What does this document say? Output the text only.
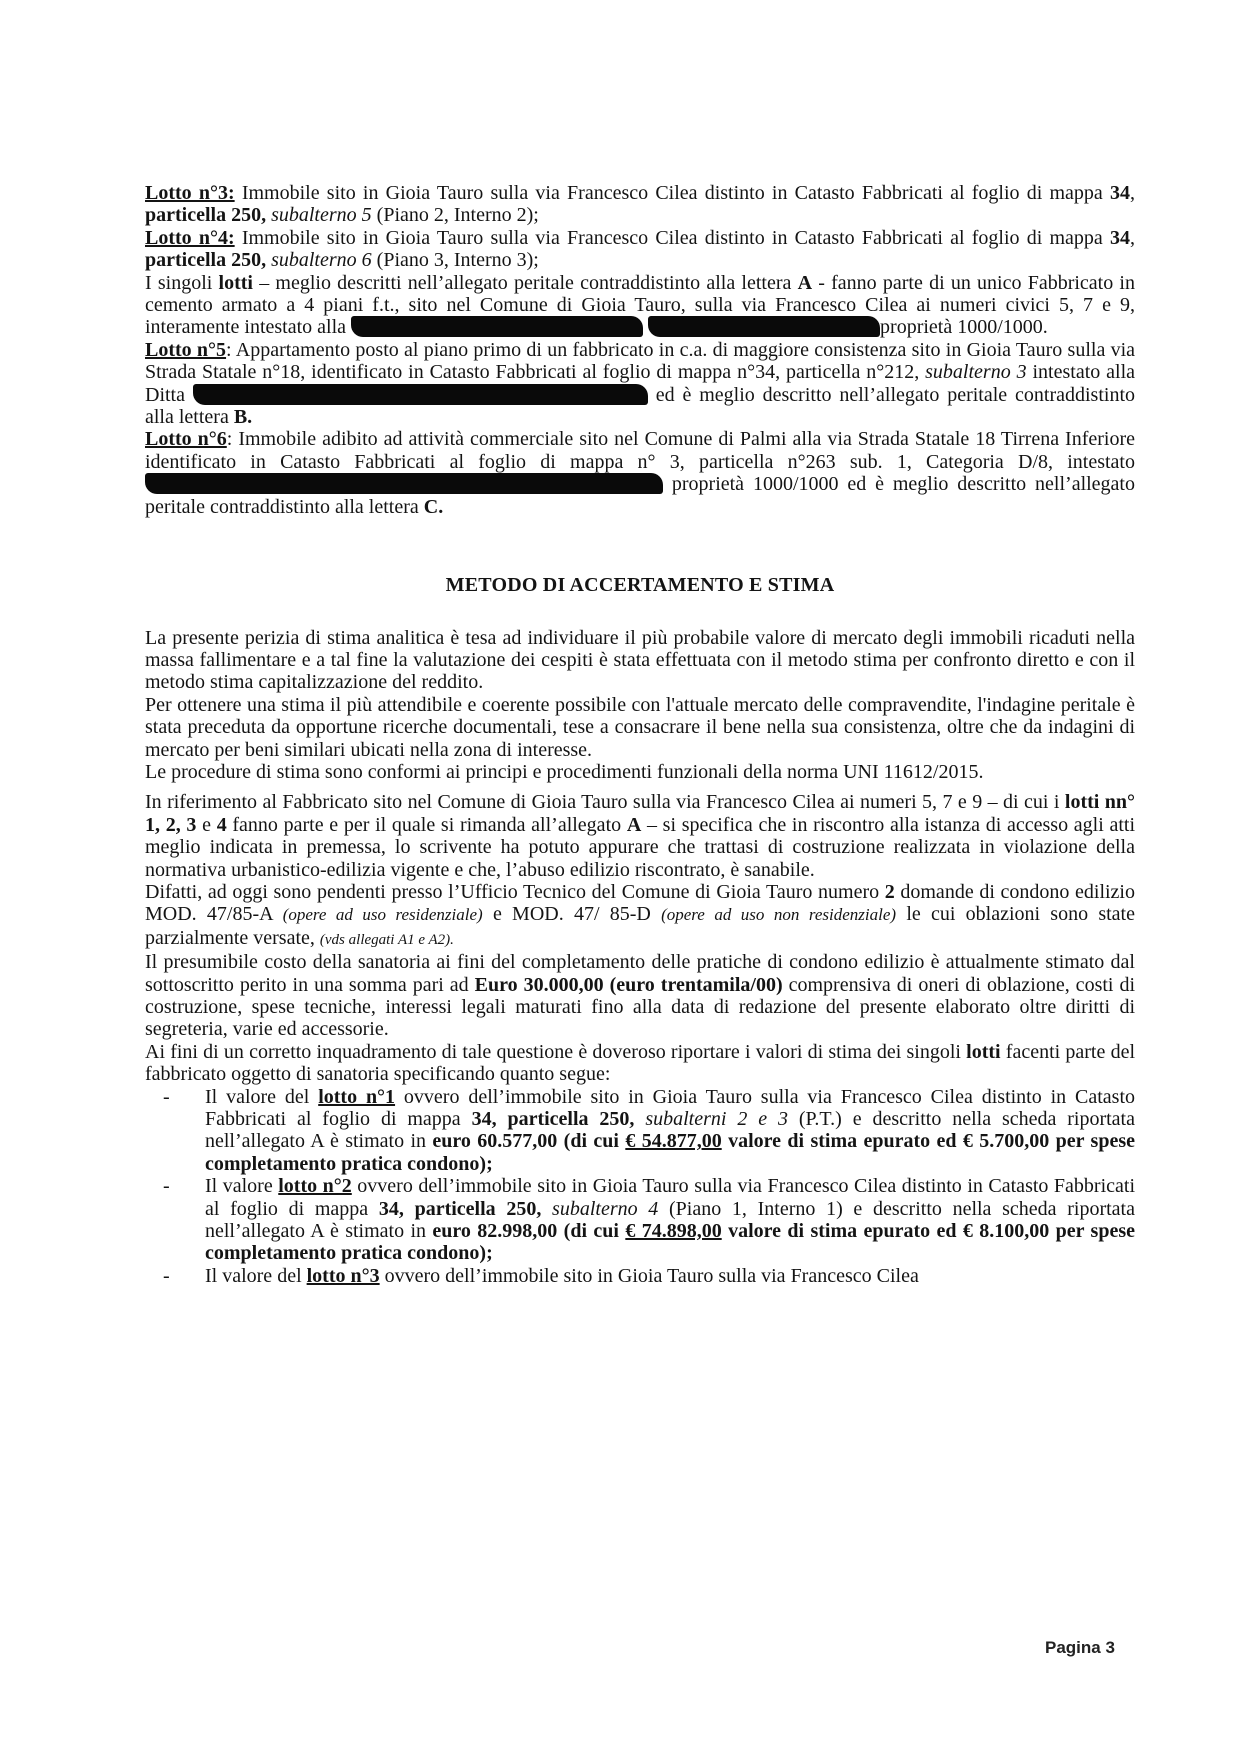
Lotto n°3: Immobile sito in Gioia Tauro sulla via Francesco Cilea distinto in Catasto Fabbricati al foglio di mappa 34, particella 250, subalterno 5 (Piano 2, Interno 2);

Lotto n°4: Immobile sito in Gioia Tauro sulla via Francesco Cilea distinto in Catasto Fabbricati al foglio di mappa 34, particella 250, subalterno 6 (Piano 3, Interno 3);

I singoli lotti – meglio descritti nell’allegato peritale contraddistinto alla lettera A - fanno parte di un unico Fabbricato in cemento armato a 4 piani f.t., sito nel Comune di Gioia Tauro, sulla via Francesco Cilea ai numeri civici 5, 7 e 9, interamente intestato alla	proprietà 1000/1000.

Lotto n°5: Appartamento posto al piano primo di un fabbricato in c.a. di maggiore consistenza sito in Gioia Tauro sulla via Strada Statale n°18, identificato in Catasto Fabbricati al foglio di mappa n°34, particella n°212, subalterno 3 intestato alla Ditta	ed è meglio descritto nell’allegato peritale contraddistinto alla lettera B.

Lotto n°6: Immobile adibito ad attività commerciale sito nel Comune di Palmi alla via Strada Statale 18 Tirrena Inferiore identificato in Catasto Fabbricati al foglio di mappa n° 3, particella n°263 sub. 1, Categoria D/8, intestato  proprietà 1000/1000 ed è meglio descritto nell’allegato peritale contraddistinto alla lettera C.

METODO DI ACCERTAMENTO E STIMA

La presente perizia di stima analitica è tesa ad individuare il più probabile valore di mercato degli immobili ricaduti nella massa fallimentare e a tal fine la valutazione dei cespiti è stata effettuata con il metodo stima per confronto diretto e con il metodo stima capitalizzazione del reddito.

Per ottenere una stima il più attendibile e coerente possibile con l'attuale mercato delle compravendite, l'indagine peritale è stata preceduta da opportune ricerche documentali, tese a consacrare il bene nella sua consistenza, oltre che da indagini di mercato per beni similari ubicati nella zona di interesse.

Le procedure di stima sono conformi ai principi e procedimenti funzionali della norma UNI 11612/2015.

In riferimento al Fabbricato sito nel Comune di Gioia Tauro sulla via Francesco Cilea ai numeri 5, 7 e 9 – di cui i lotti nn° 1, 2, 3 e 4 fanno parte e per il quale si rimanda all’allegato A – si specifica che in riscontro alla istanza di accesso agli atti meglio indicata in premessa, lo scrivente ha potuto appurare che trattasi di costruzione realizzata in violazione della normativa urbanistico-edilizia vigente e che, l’abuso edilizio riscontrato, è sanabile.

Difatti, ad oggi sono pendenti presso l’Ufficio Tecnico del Comune di Gioia Tauro numero 2 domande di condono edilizio MOD. 47/85-A (opere ad uso residenziale) e MOD. 47/ 85-D (opere ad uso non residenziale) le cui oblazioni sono state parzialmente versate, (vds allegati A1 e A2).

Il presumibile costo della sanatoria ai fini del completamento delle pratiche di condono edilizio è attualmente stimato dal sottoscritto perito in una somma pari ad Euro 30.000,00 (euro trentamila/00) comprensiva di oneri di oblazione, costi di costruzione, spese tecniche, interessi legali maturati fino alla data di redazione del presente elaborato oltre diritti di segreteria, varie ed accessorie.

Ai fini di un corretto inquadramento di tale questione è doveroso riportare i valori di stima dei singoli lotti facenti parte del fabbricato oggetto di sanatoria specificando quanto segue:

- Il valore del lotto n°1 ovvero dell’immobile sito in Gioia Tauro sulla via Francesco Cilea distinto in Catasto Fabbricati al foglio di mappa 34, particella 250, subalterni 2 e 3 (P.T.) e descritto nella scheda riportata nell’allegato A è stimato in euro 60.577,00 (di cui € 54.877,00 valore di stima epurato ed € 5.700,00 per spese completamento pratica condono);
- Il valore lotto n°2 ovvero dell’immobile sito in Gioia Tauro sulla via Francesco Cilea distinto in Catasto Fabbricati al foglio di mappa 34, particella 250, subalterno 4 (Piano 1, Interno 1) e descritto nella scheda riportata nell’allegato A è stimato in euro 82.998,00 (di cui € 74.898,00 valore di stima epurato ed € 8.100,00 per spese completamento pratica condono);
- Il valore del lotto n°3 ovvero dell’immobile sito in Gioia Tauro sulla via Francesco Cilea
Pagina 3
